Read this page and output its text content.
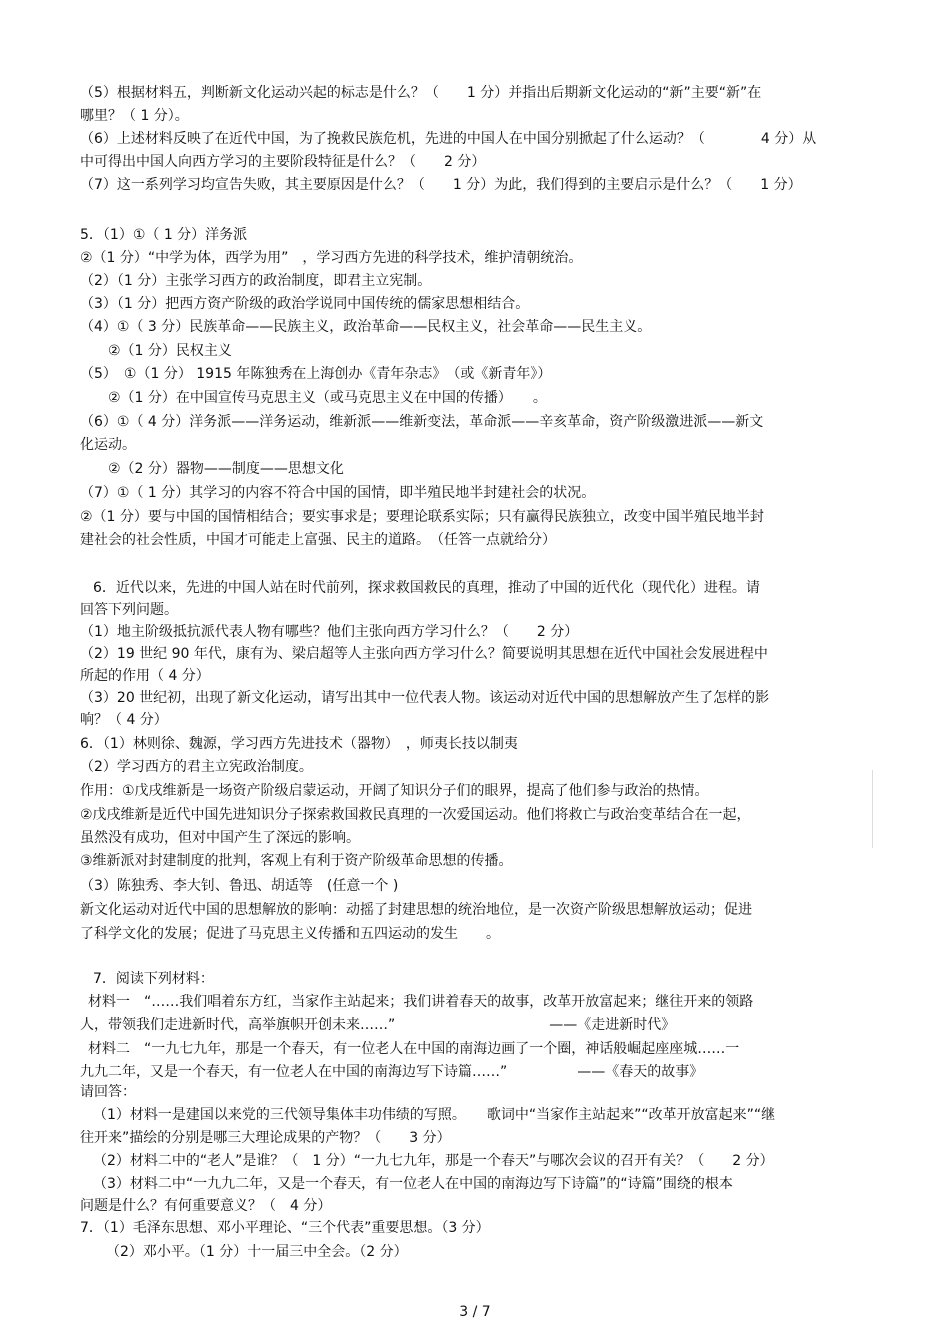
（5）根据材料五，判断新文化运动兴起的标志是什么？（　　1 分）并指出后期新文化运动的“新”主要“新”在
哪里？（ 1 分）。
（6）上述材料反映了在近代中国，为了挽救民族危机，先进的中国人在中国分别掀起了什么运动？（　　　　4 分）从
中可得出中国人向西方学习的主要阶段特征是什么？（　　2 分）
（7）这一系列学习均宣告失败，其主要原因是什么？（　　1 分）为此，我们得到的主要启示是什么？（　　1 分）
5．（1）①（ 1 分）洋务派
②（1 分）“中学为体，西学为用”　，学习西方先进的科学技术，维护清朝统治。
（2）（1 分）主张学习西方的政治制度，即君主立宪制。
（3）（1 分）把西方资产阶级的政治学说同中国传统的儒家思想相结合。
（4）①（ 3 分）民族革命——民族主义，政治革命——民权主义，社会革命——民生主义。
　　②（1 分）民权主义
（5）　①（1 分） 1915 年陈独秀在上海创办《青年杂志》　（或《新青年》）
　　②（1 分）在中国宣传马克思主义（或马克思主义在中国的传播）　　。
（6）①（ 4 分）洋务派——洋务运动，维新派——维新变法，革命派——辛亥革命，资产阶级激进派——新文
化运动。
　　②（2 分）器物——制度——思想文化
（7）①（ 1 分）其学习的内容不符合中国的国情，即半殖民地半封建社会的状况。
②（1 分）要与中国的国情相结合；要实事求是；要理论联系实际；只有赢得民族独立，改变中国半殖民地半封
建社会的社会性质，中国才可能走上富强、民主的道路。　（任答一点就给分）
6．近代以来，先进的中国人站在时代前列，探求救国救民的真理，推动了中国的近代化（现代化）进程。请
回答下列问题。
（1）地主阶级抵抗派代表人物有哪些？他们主张向西方学习什么？（　　2 分）
（2）19 世纪 90 年代，康有为、梁启超等人主张向西方学习什么？简要说明其思想在近代中国社会发展进程中
所起的作用（ 4 分）
（3）20 世纪初，出现了新文化运动，请写出其中一位代表人物。该运动对近代中国的思想解放产生了怎样的影
响？（ 4 分）
6．（1）林则徐、魏源，学习西方先进技术（器物）　，师夷长技以制夷
（2）学习西方的君主立宪政治制度。
作用：①戊戌维新是一场资产阶级启蒙运动，开阔了知识分子们的眼界，提高了他们参与政治的热情。
②戊戌维新是近代中国先进知识分子探索救国救民真理的一次爱国运动。他们将救亡与政治变革结合在一起，
虽然没有成功，但对中国产生了深远的影响。
③维新派对封建制度的批判，客观上有利于资产阶级革命思想的传播。
（3）陈独秀、李大钊、鲁迅、胡适等　(任意一个 )
新文化运动对近代中国的思想解放的影响：动摇了封建思想的统治地位，是一次资产阶级思想解放运动；促进
了科学文化的发展；促进了马克思主义传播和五四运动的发生　　。
7．阅读下列材料：
材料一　“……我们唱着东方红，当家作主站起来；我们讲着春天的故事，改革开放富起来；继往开来的领路
人，带领我们走进新时代，高举旗帜开创未来……”　　　　　　　　　　　——《走进新时代》
材料二　“一九七九年，那是一个春天，有一位老人在中国的南海边画了一个圈，神话般崛起座座城……一
九九二年，又是一个春天，有一位老人在中国的南海边写下诗篇……”　　　　　——《春天的故事》
请回答：
（1）材料一是建国以来党的三代领导集体丰功伟绩的写照。　　歌词中“当家作主站起来”“改革开放富起来”“继
往开来”描绘的分别是哪三大理论成果的产物？（　　3 分）
（2）材料二中的“老人”是谁？（　1 分）“一九七九年，那是一个春天”与哪次会议的召开有关？（　　2 分）
（3）材料二中“一九九二年，又是一个春天，有一位老人在中国的南海边写下诗篇”的“诗篇”围绕的根本
问题是什么？有何重要意义？（　4 分）
7．（1）毛泽东思想、邓小平理论、“三个代表”重要思想。（3 分）
（2）邓小平。（1 分）十一届三中全会。（2 分）
3 / 7
